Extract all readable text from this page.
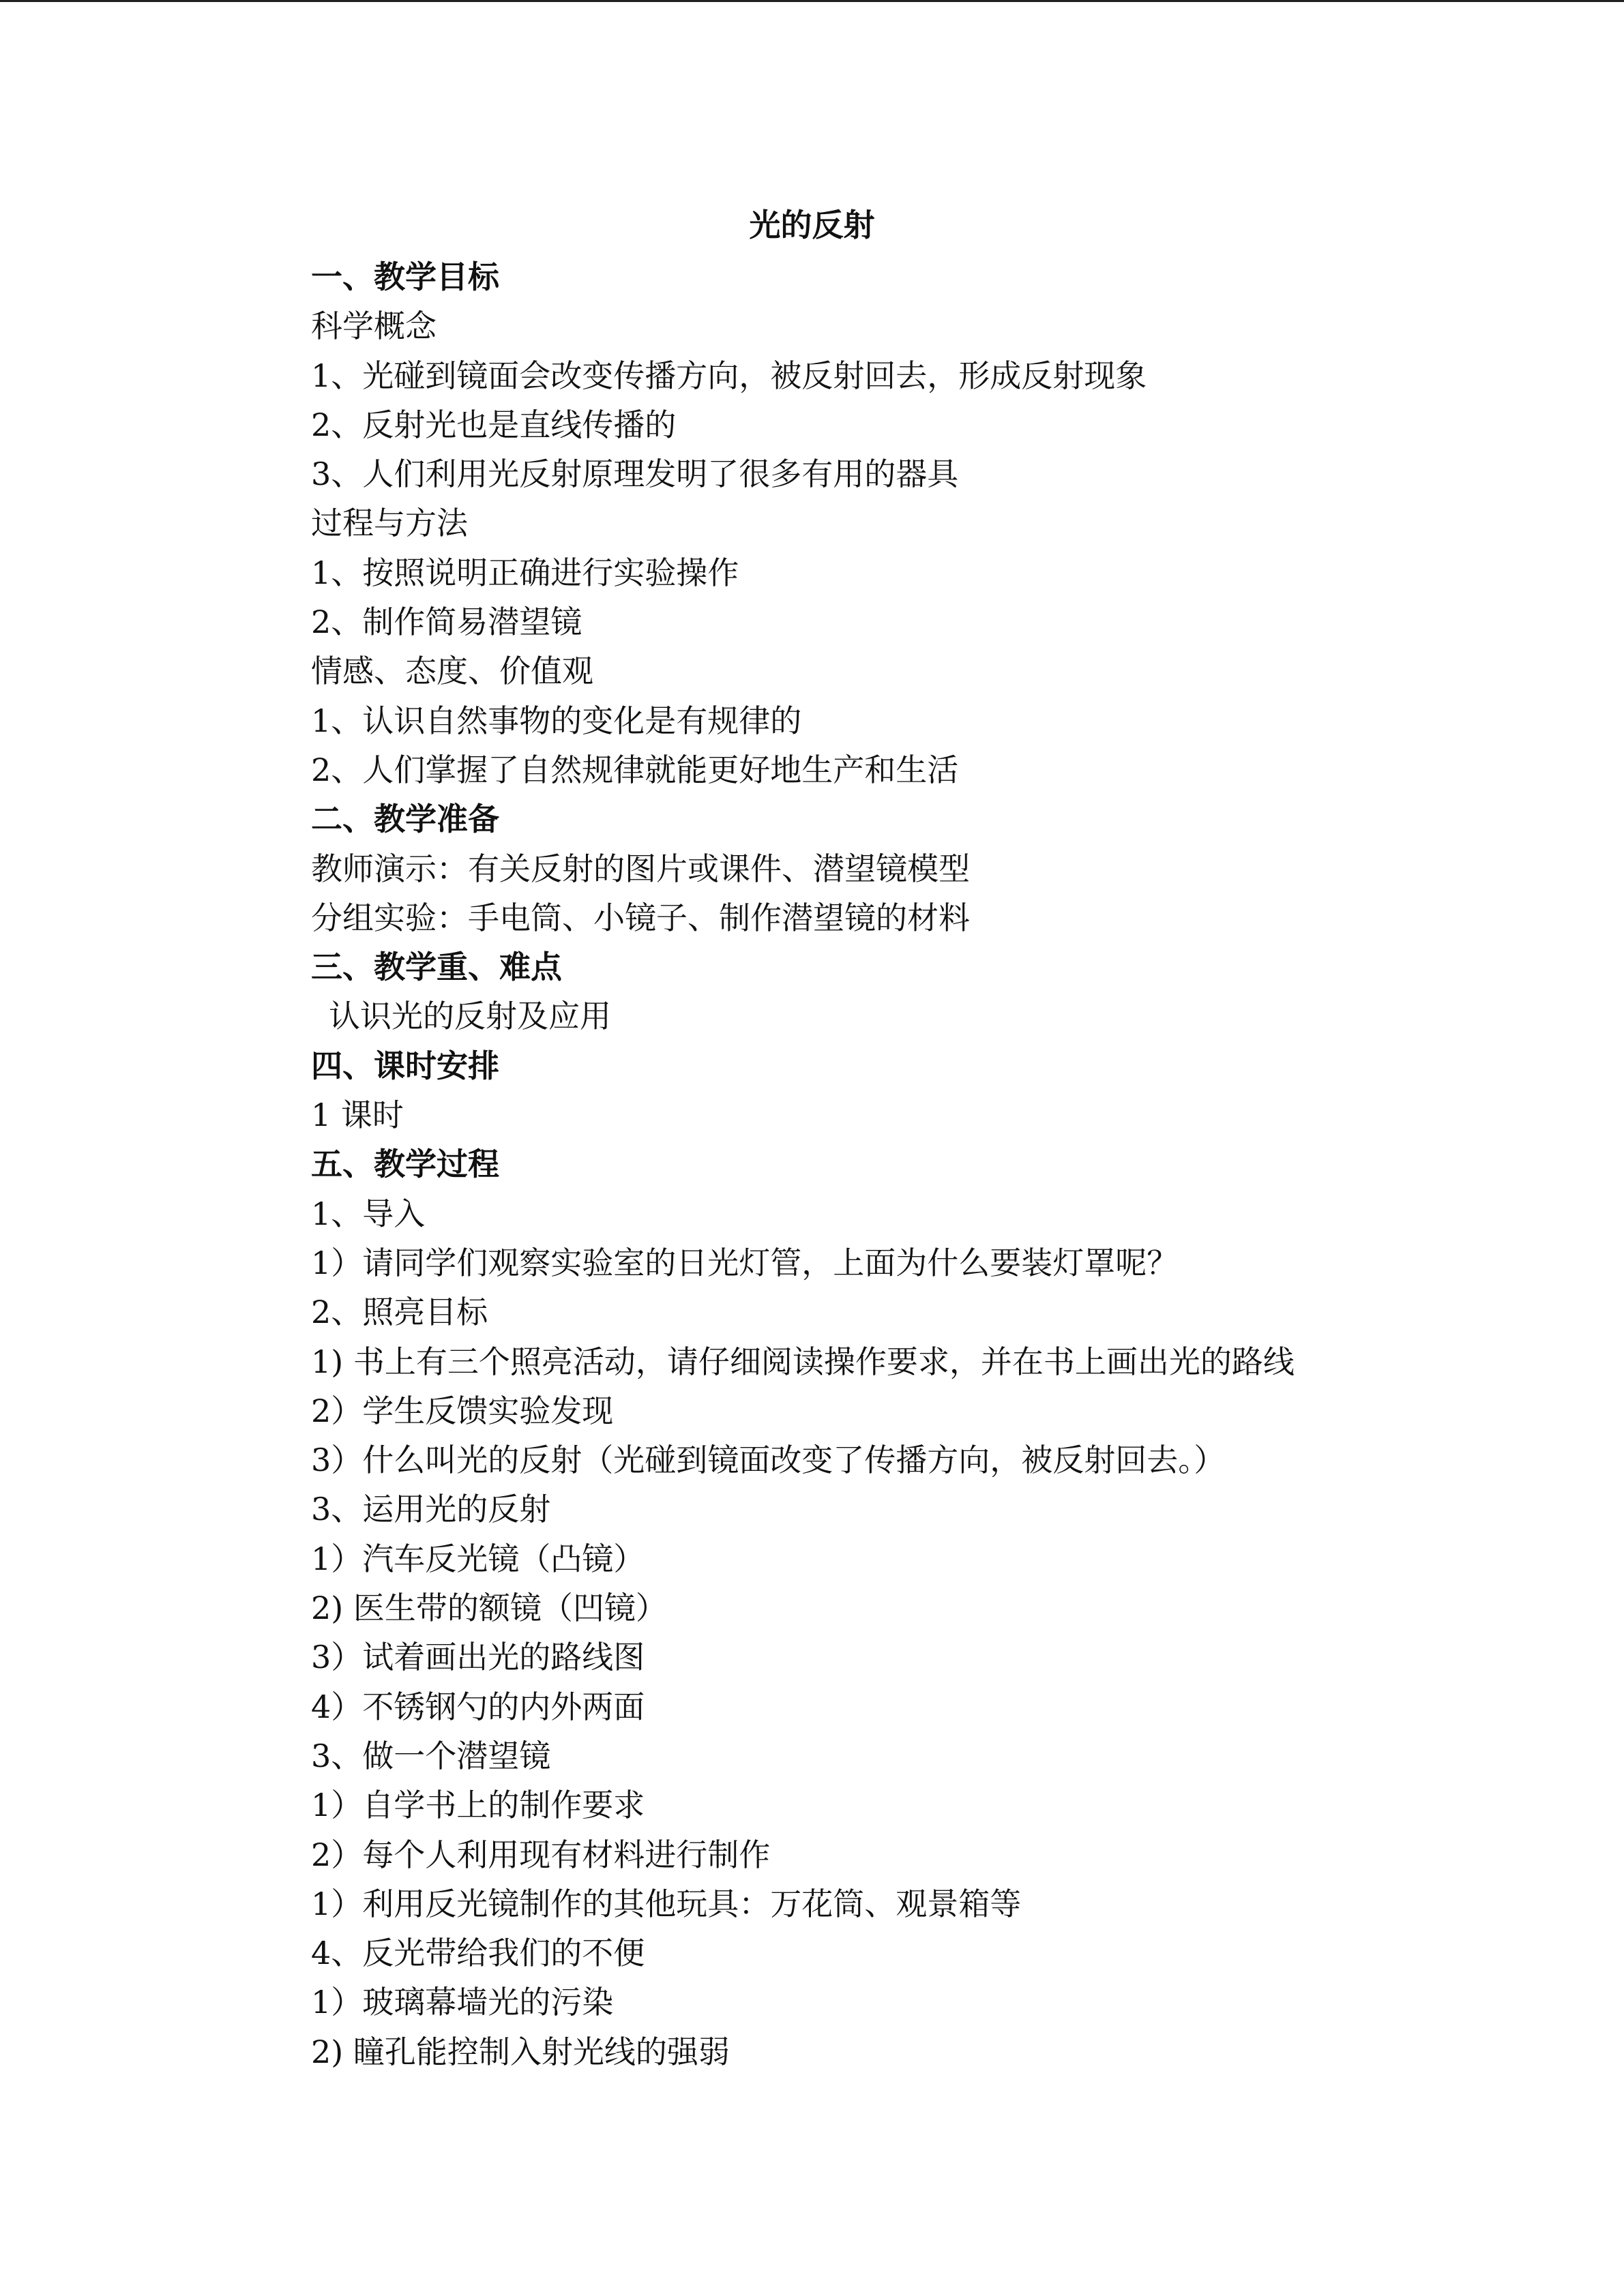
光的反射
一、教学目标
科学概念
1、光碰到镜面会改变传播方向，被反射回去，形成反射现象
2、反射光也是直线传播的
3、人们利用光反射原理发明了很多有用的器具
过程与方法
1、按照说明正确进行实验操作
2、制作简易潜望镜
情感、态度、价值观
1、认识自然事物的变化是有规律的
2、人们掌握了自然规律就能更好地生产和生活
二、教学准备
教师演示：有关反射的图片或课件、潜望镜模型
分组实验：手电筒、小镜子、制作潜望镜的材料
三、教学重、难点
认识光的反射及应用
四、课时安排
1 课时
五、教学过程
1、导入
1）请同学们观察实验室的日光灯管，上面为什么要装灯罩呢？
2、照亮目标
1) 书上有三个照亮活动，请仔细阅读操作要求，并在书上画出光的路线
2）学生反馈实验发现
3）什么叫光的反射（光碰到镜面改变了传播方向，被反射回去。）
3、运用光的反射
1）汽车反光镜（凸镜）
2) 医生带的额镜（凹镜）
3）试着画出光的路线图
4）不锈钢勺的内外两面
3、做一个潜望镜
1）自学书上的制作要求
2）每个人利用现有材料进行制作
1）利用反光镜制作的其他玩具：万花筒、观景箱等
4、反光带给我们的不便
1）玻璃幕墙光的污染
2) 瞳孔能控制入射光线的强弱
